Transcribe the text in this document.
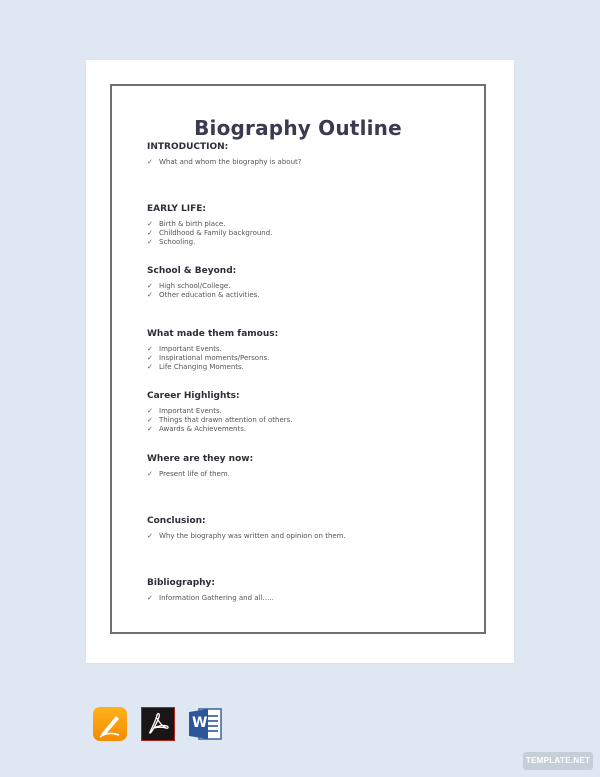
Biography Outline
INTRODUCTION:
✓ What and whom the biography is about?
EARLY LIFE:
✓ Birth & birth place.
✓ Childhood & Family background.
✓ Schooling.
School & Beyond:
✓ High school/College.
✓ Other education & activities.
What made them famous:
✓ Important Events.
✓ Inspirational moments/Persons.
✓ Life Changing Moments.
Career Highlights:
✓ Important Events.
✓ Things that drawn attention of others.
✓ Awards & Achievements.
Where are they now:
✓ Present life of them.
Conclusion:
✓ Why the biography was written and opinion on them.
Bibliography:
✓ Information Gathering and all…..
W
TEMPLATE.NET
